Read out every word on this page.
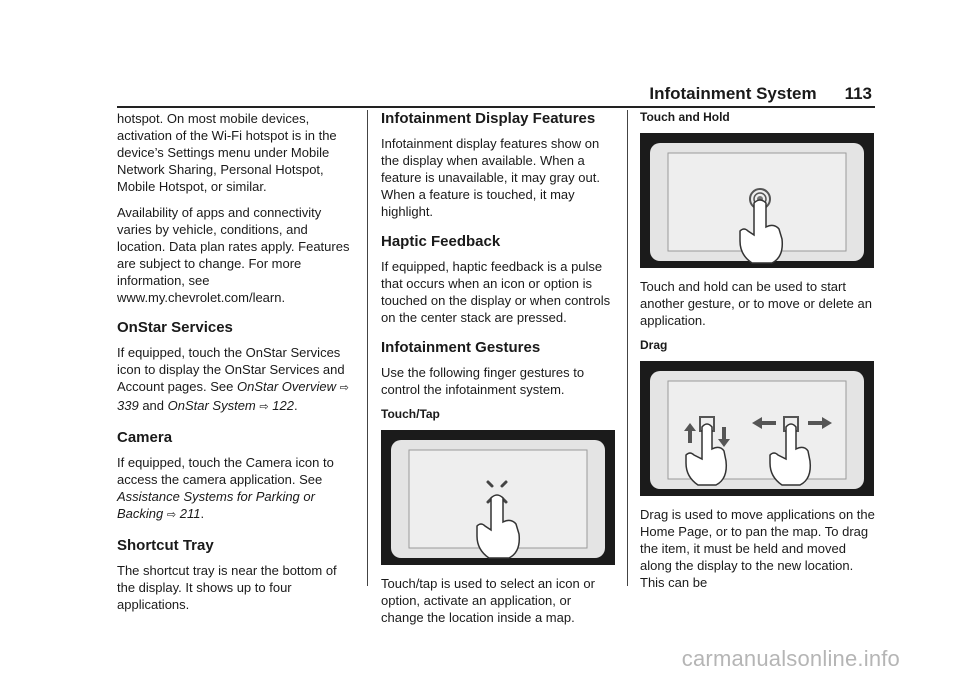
Infotainment System 113

hotspot. On most mobile devices, activation of the Wi-Fi hotspot is in the device’s Settings menu under Mobile Network Sharing, Personal Hotspot, Mobile Hotspot, or similar.

Availability of apps and connectivity varies by vehicle, conditions, and location. Data plan rates apply. Features are subject to change. For more information, see www.my.chevrolet.com/learn.

OnStar Services

If equipped, touch the OnStar Services icon to display the OnStar Services and Account pages. See OnStar Overview ⇨ 339 and OnStar System ⇨ 122.

Camera

If equipped, touch the Camera icon to access the camera application. See Assistance Systems for Parking or Backing ⇨ 211.

Shortcut Tray

The shortcut tray is near the bottom of the display. It shows up to four applications.

Infotainment Display Features

Infotainment display features show on the display when available. When a feature is unavailable, it may gray out. When a feature is touched, it may highlight.

Haptic Feedback

If equipped, haptic feedback is a pulse that occurs when an icon or option is touched on the display or when controls on the center stack are pressed.

Infotainment Gestures

Use the following finger gestures to control the infotainment system.

Touch/Tap

Touch/tap is used to select an icon or option, activate an application, or change the location inside a map.

Touch and Hold

Touch and hold can be used to start another gesture, or to move or delete an application.

Drag

Drag is used to move applications on the Home Page, or to pan the map. To drag the item, it must be held and moved along the display to the new location. This can be

carmanualsonline.info
